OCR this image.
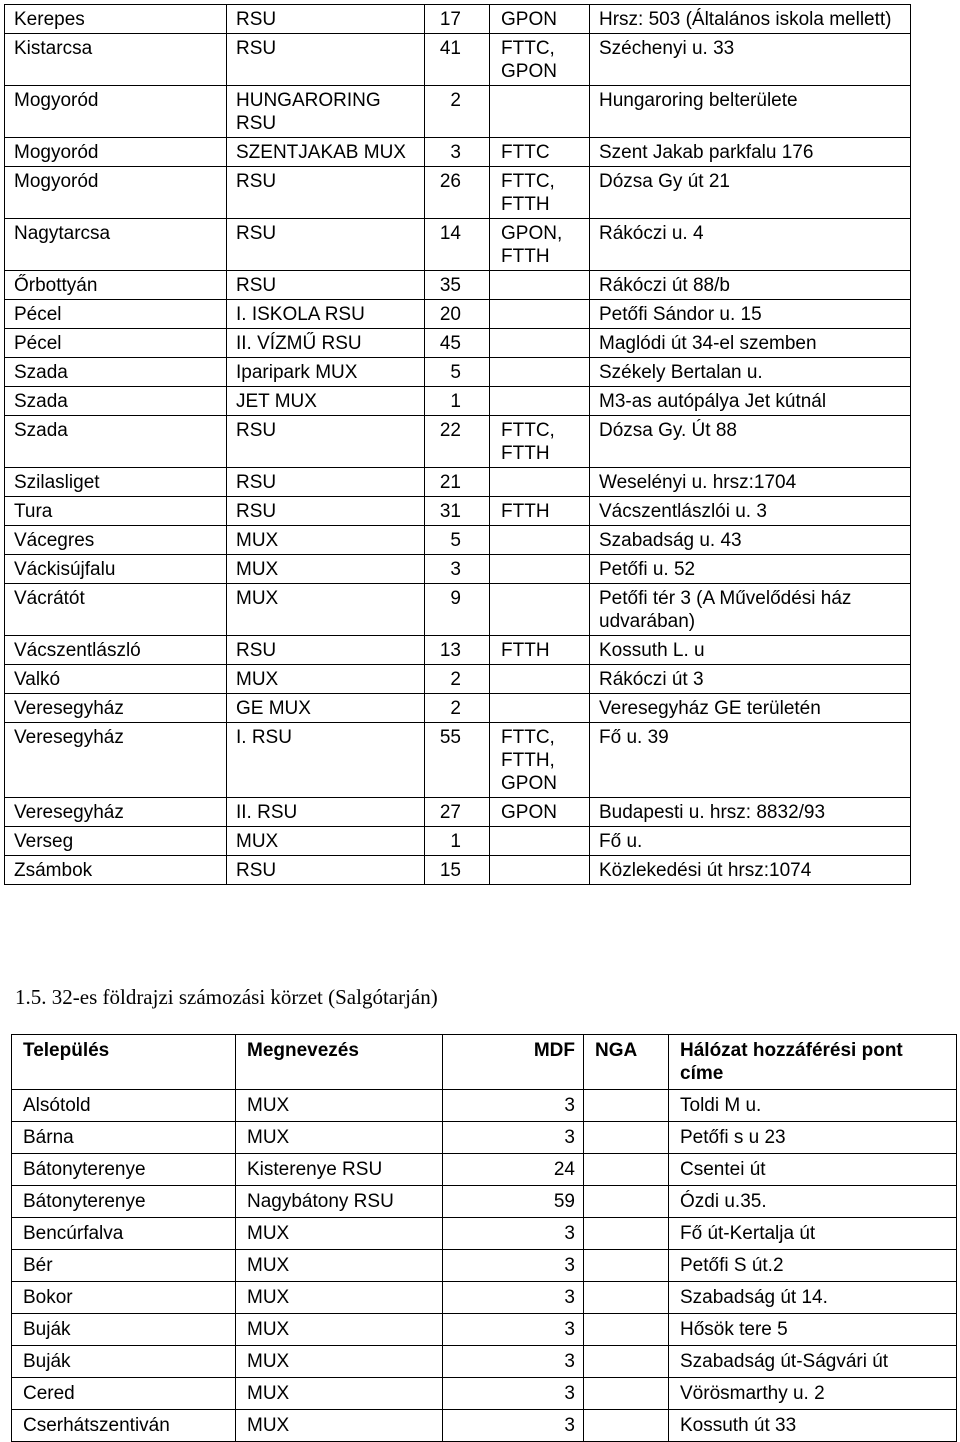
Kerepes	RSU	17	GPON	Hrsz: 503 (Általános iskola mellett)
Kistarcsa	RSU	41	FTTC, GPON	Széchenyi u. 33
Mogyoród	HUNGARORING RSU	2		Hungaroring belterülete
Mogyoród	SZENTJAKAB MUX	3	FTTC	Szent Jakab parkfalu 176
Mogyoród	RSU	26	FTTC, FTTH	Dózsa Gy út 21
Nagytarcsa	RSU	14	GPON, FTTH	Rákóczi u. 4
Őrbottyán	RSU	35		Rákóczi út 88/b
Pécel	I. ISKOLA RSU	20		Petőfi Sándor u. 15
Pécel	II. VÍZMŰ RSU	45		Maglódi út 34-el szemben
Szada	Iparipark MUX	5		Székely Bertalan u.
Szada	JET MUX	1		M3-as autópálya Jet kútnál
Szada	RSU	22	FTTC, FTTH	Dózsa Gy. Út 88
Szilasliget	RSU	21		Weselényi u. hrsz:1704
Tura	RSU	31	FTTH	Vácszentlászlói u. 3
Vácegres	MUX	5		Szabadság u. 43
Váckisújfalu	MUX	3		Petőfi u. 52
Vácrátót	MUX	9		Petőfi tér 3 (A Művelődési ház udvarában)
Vácszentlászló	RSU	13	FTTH	Kossuth L. u
Valkó	MUX	2		Rákóczi út 3
Veresegyház	GE MUX	2		Veresegyház GE területén
Veresegyház	I. RSU	55	FTTC, FTTH, GPON	Fő u. 39
Veresegyház	II. RSU	27	GPON	Budapesti u. hrsz: 8832/93
Verseg	MUX	1		Fő u.
Zsámbok	RSU	15		Közlekedési út hrsz:1074
1.5. 32-es földrajzi számozási körzet (Salgótarján)
Település	Megnevezés	MDF	NGA	Hálózat hozzáférési pont címe
Alsótold	MUX	3		Toldi M u.
Bárna	MUX	3		Petőfi s u 23
Bátonyterenye	Kisterenye RSU	24		Csentei út
Bátonyterenye	Nagybátony RSU	59		Ózdi u.35.
Bencúrfalva	MUX	3		Fő út-Kertalja út
Bér	MUX	3		Petőfi S út.2
Bokor	MUX	3		Szabadság út 14.
Buják	MUX	3		Hősök tere 5
Buják	MUX	3		Szabadság út-Ságvári út
Cered	MUX	3		Vörösmarthy u. 2
Cserhátszentiván	MUX	3		Kossuth út 33
